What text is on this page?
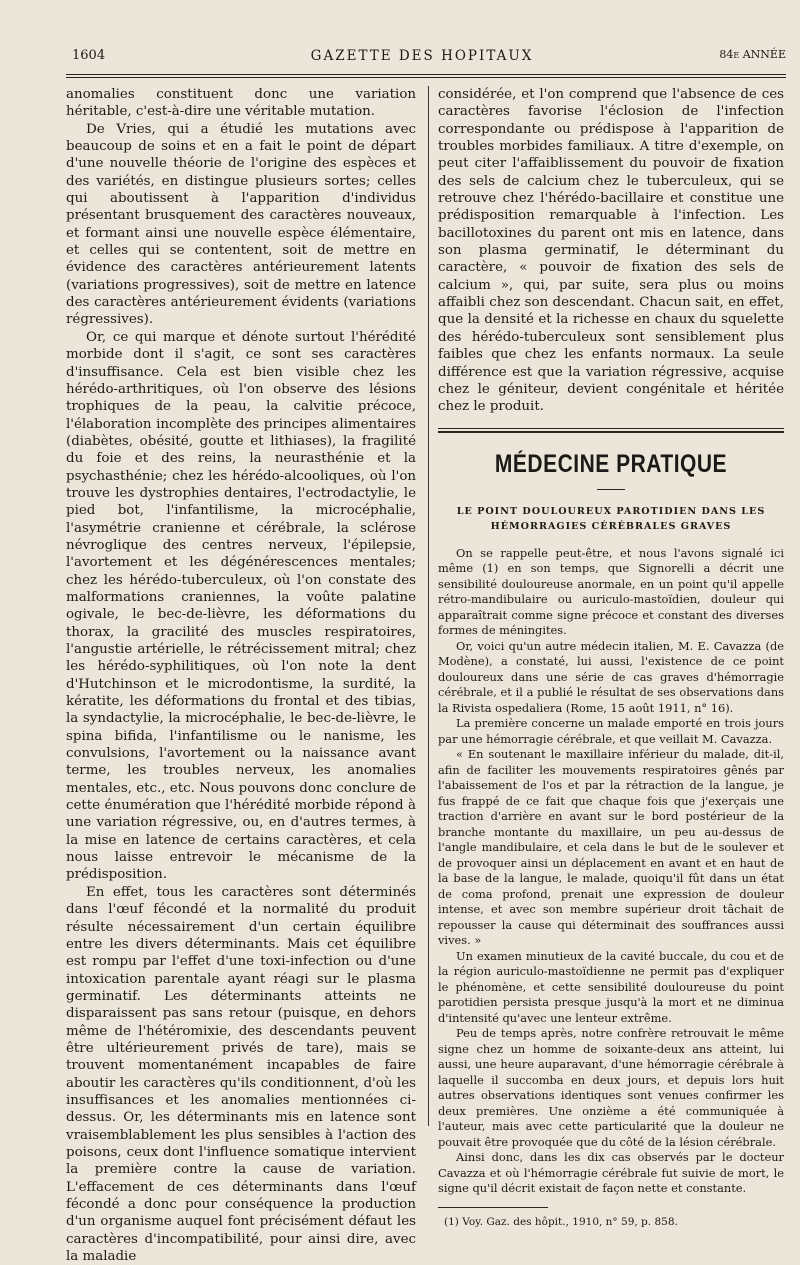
1604	GAZETTE DES HOPITAUX	84e ANNÉE

anomalies constituent donc une variation héritable, c'est-à-dire une véritable mutation.

De Vries, qui a étudié les mutations avec beaucoup de soins et en a fait le point de départ d'une nouvelle théorie de l'origine des espèces et des variétés, en distingue plusieurs sortes; celles qui aboutissent à l'apparition d'individus présentant brusquement des caractères nouveaux, et formant ainsi une nouvelle espèce élémentaire, et celles qui se contentent, soit de mettre en évidence des caractères antérieurement latents (variations progressives), soit de mettre en latence des caractères antérieurement évidents (variations régressives).

Or, ce qui marque et dénote surtout l'hérédité morbide dont il s'agit, ce sont ses caractères d'insuffisance. Cela est bien visible chez les hérédo-arthritiques, où l'on observe des lésions trophiques de la peau, la calvitie précoce, l'élaboration incomplète des principes alimentaires (diabètes, obésité, goutte et lithiases), la fragilité du foie et des reins, la neurasthénie et la psychasthénie; chez les hérédo-alcooliques, où l'on trouve les dystrophies dentaires, l'ectrodactylie, le pied bot, l'infantilisme, la microcéphalie, l'asymétrie cranienne et cérébrale, la sclérose névroglique des centres nerveux, l'épilepsie, l'avortement et les dégénérescences mentales; chez les hérédo-tuberculeux, où l'on constate des malformations craniennes, la voûte palatine ogivale, le bec-de-lièvre, les déformations du thorax, la gracilité des muscles respiratoires, l'angustie artérielle, le rétrécissement mitral; chez les hérédo-syphilitiques, où l'on note la dent d'Hutchinson et le microdontisme, la surdité, la kératite, les déformations du frontal et des tibias, la syndactylie, la microcéphalie, le bec-de-lièvre, le spina bifida, l'infantilisme ou le nanisme, les convulsions, l'avortement ou la naissance avant terme, les troubles nerveux, les anomalies mentales, etc., etc. Nous pouvons donc conclure de cette énumération que l'hérédité morbide répond à une variation régressive, ou, en d'autres termes, à la mise en latence de certains caractères, et cela nous laisse entrevoir le mécanisme de la prédisposition.

En effet, tous les caractères sont déterminés dans l'œuf fécondé et la normalité du produit résulte nécessairement d'un certain équilibre entre les divers déterminants. Mais cet équilibre est rompu par l'effet d'une toxi-infection ou d'une intoxication parentale ayant réagi sur le plasma germinatif. Les déterminants atteints ne disparaissent pas sans retour (puisque, en dehors même de l'hétéromixie, des descendants peuvent être ultérieurement privés de tare), mais se trouvent momentanément incapables de faire aboutir les caractères qu'ils conditionnent, d'où les insuffisances et les anomalies mentionnées ci-dessus. Or, les déterminants mis en latence sont vraisemblablement les plus sensibles à l'action des poisons, ceux dont l'influence somatique intervient la première contre la cause de variation. L'effacement de ces déterminants dans l'œuf fécondé a donc pour conséquence la production d'un organisme auquel font précisément défaut les caractères d'incompatibilité, pour ainsi dire, avec la maladie

considérée, et l'on comprend que l'absence de ces caractères favorise l'éclosion de l'infection correspondante ou prédispose à l'apparition de troubles morbides familiaux. A titre d'exemple, on peut citer l'affaiblissement du pouvoir de fixation des sels de calcium chez le tuberculeux, qui se retrouve chez l'hérédo-bacillaire et constitue une prédisposition remarquable à l'infection. Les bacillotoxines du parent ont mis en latence, dans son plasma germinatif, le déterminant du caractère, « pouvoir de fixation des sels de calcium », qui, par suite, sera plus ou moins affaibli chez son descendant. Chacun sait, en effet, que la densité et la richesse en chaux du squelette des hérédo-tuberculeux sont sensiblement plus faibles que chez les enfants normaux. La seule différence est que la variation régressive, acquise chez le géniteur, devient congénitale et héritée chez le produit.

MÉDECINE PRATIQUE
LE POINT DOULOUREUX PAROTIDIEN DANS LES HÉMORRAGIES CÉRÉBRALES GRAVES

On se rappelle peut-être, et nous l'avons signalé ici même (1) en son temps, que Signorelli a décrit une sensibilité douloureuse anormale, en un point qu'il appelle rétro-mandibulaire ou auriculo-mastoïdien, douleur qui apparaîtrait comme signe précoce et constant des diverses formes de méningites.

Or, voici qu'un autre médecin italien, M. E. Cavazza (de Modène), a constaté, lui aussi, l'existence de ce point douloureux dans une série de cas graves d'hémorragie cérébrale, et il a publié le résultat de ses observations dans la Rivista ospedaliera (Rome, 15 août 1911, n° 16).

La première concerne un malade emporté en trois jours par une hémorragie cérébrale, et que veillait M. Cavazza.

« En soutenant le maxillaire inférieur du malade, dit-il, afin de faciliter les mouvements respiratoires gênés par l'abaissement de l'os et par la rétraction de la langue, je fus frappé de ce fait que chaque fois que j'exerçais une traction d'arrière en avant sur le bord postérieur de la branche montante du maxillaire, un peu au-dessus de l'angle mandibulaire, et cela dans le but de le soulever et de provoquer ainsi un déplacement en avant et en haut de la base de la langue, le malade, quoiqu'il fût dans un état de coma profond, prenait une expression de douleur intense, et avec son membre supérieur droit tâchait de repousser la cause qui déterminait des souffrances aussi vives. »

Un examen minutieux de la cavité buccale, du cou et de la région auriculo-mastoïdienne ne permit pas d'expliquer le phénomène, et cette sensibilité douloureuse du point parotidien persista presque jusqu'à la mort et ne diminua d'intensité qu'avec une lenteur extrême.

Peu de temps après, notre confrère retrouvait le même signe chez un homme de soixante-deux ans atteint, lui aussi, une heure auparavant, d'une hémorragie cérébrale à laquelle il succomba en deux jours, et depuis lors huit autres observations identiques sont venues confirmer les deux premières. Une onzième a été communiquée à l'auteur, mais avec cette particularité que la douleur ne pouvait être provoquée que du côté de la lésion cérébrale.

Ainsi donc, dans les dix cas observés par le docteur Cavazza et où l'hémorragie cérébrale fut suivie de mort, le signe qu'il décrit existait de façon nette et constante.

(1) Voy. Gaz. des hôpit., 1910, n° 59, p. 858.
